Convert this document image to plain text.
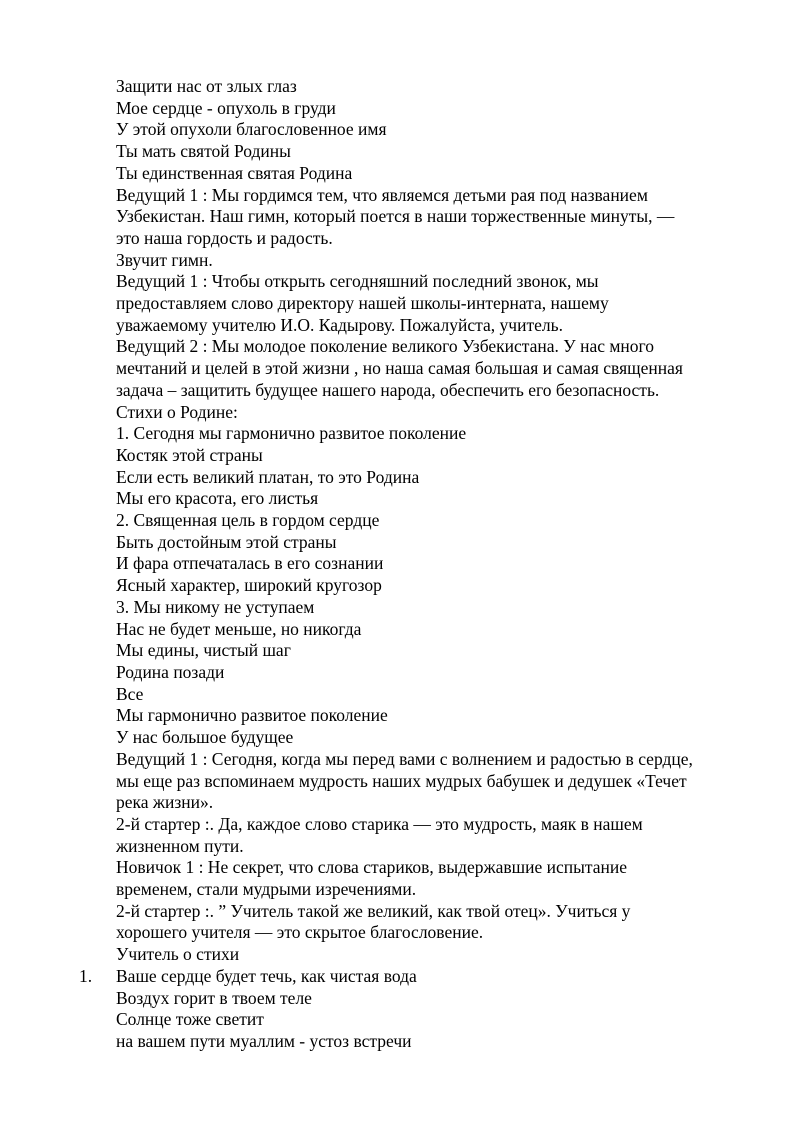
Защити нас от злых глаз

Мое сердце - опухоль в груди

У этой опухоли благословенное имя

Ты мать святой Родины

Ты единственная святая Родина

Ведущий 1 : Мы гордимся тем, что являемся детьми рая под названием

Узбекистан. Наш гимн, который поется в наши торжественные минуты, —

это наша гордость и радость.

Звучит гимн.

Ведущий 1 : Чтобы открыть сегодняшний последний звонок, мы

предоставляем слово директору нашей школы-интерната, нашему

уважаемому учителю И.О. Кадырову. Пожалуйста, учитель.

Ведущий 2 : Мы молодое поколение великого Узбекистана. У нас много

мечтаний и целей в этой жизни , но наша самая большая и самая священная

задача – защитить будущее нашего народа, обеспечить его безопасность.

Стихи о Родине:

1. Сегодня мы гармонично развитое поколение

Костяк этой страны

Если есть великий платан, то это Родина

Мы его красота, его листья

2. Священная цель в гордом сердце

Быть достойным этой страны

И фара отпечаталась в его сознании

Ясный характер, широкий кругозор

3. Мы никому не уступаем

Нас не будет меньше, но никогда

Мы едины, чистый шаг

Родина позади

Все

Мы гармонично развитое поколение

У нас большое будущее

Ведущий 1 : Сегодня, когда мы перед вами с волнением и радостью в сердце,

мы еще раз вспоминаем мудрость наших мудрых бабушек и дедушек «Течет

река жизни».

2-й стартер :. Да, каждое слово старика — это мудрость, маяк в нашем

жизненном пути.

Новичок 1 : Не секрет, что слова стариков, выдержавшие испытание

временем, стали мудрыми изречениями.

2-й стартер :. ” Учитель такой же великий, как твой отец». Учиться у

хорошего учителя — это скрытое благословение.

Учитель о стихи

1. Ваше сердце будет течь, как чистая вода

Воздух горит в твоем теле

Солнце тоже светит

на вашем пути муаллим - устоз встречи
